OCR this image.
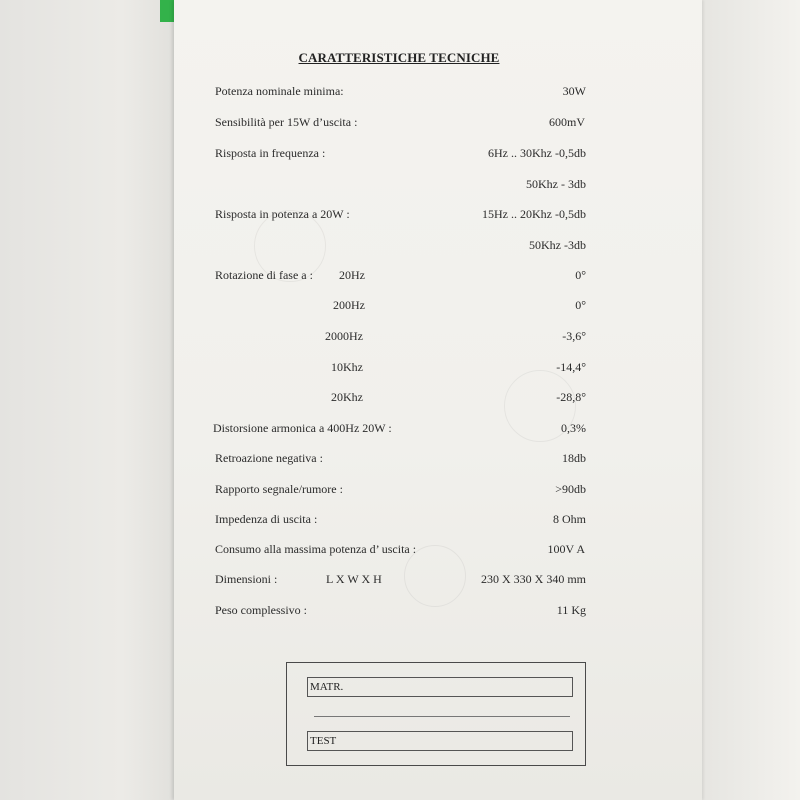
CARATTERISTICHE TECNICHE
Potenza nominale minima:	30W
Sensibilità per 15W d’uscita :	600mV
Risposta in frequenza :	6Hz .. 30Khz -0,5db
50Khz - 3db
Risposta in potenza a 20W :	15Hz .. 20Khz -0,5db
50Khz -3db
Rotazione di fase a : 20Hz	0°
200Hz	0°
2000Hz	-3,6°
10Khz	-14,4°
20Khz	-28,8°
Distorsione armonica a 400Hz 20W :	0,3%
Retroazione negativa :	18db
Rapporto segnale/rumore :	>90db
Impedenza di uscita :	8 Ohm
Consumo alla massima potenza d’ uscita :	100V A
Dimensioni :	L X W X H	230 X 330 X 340 mm
Peso complessivo :	11 Kg
MATR.
TEST
